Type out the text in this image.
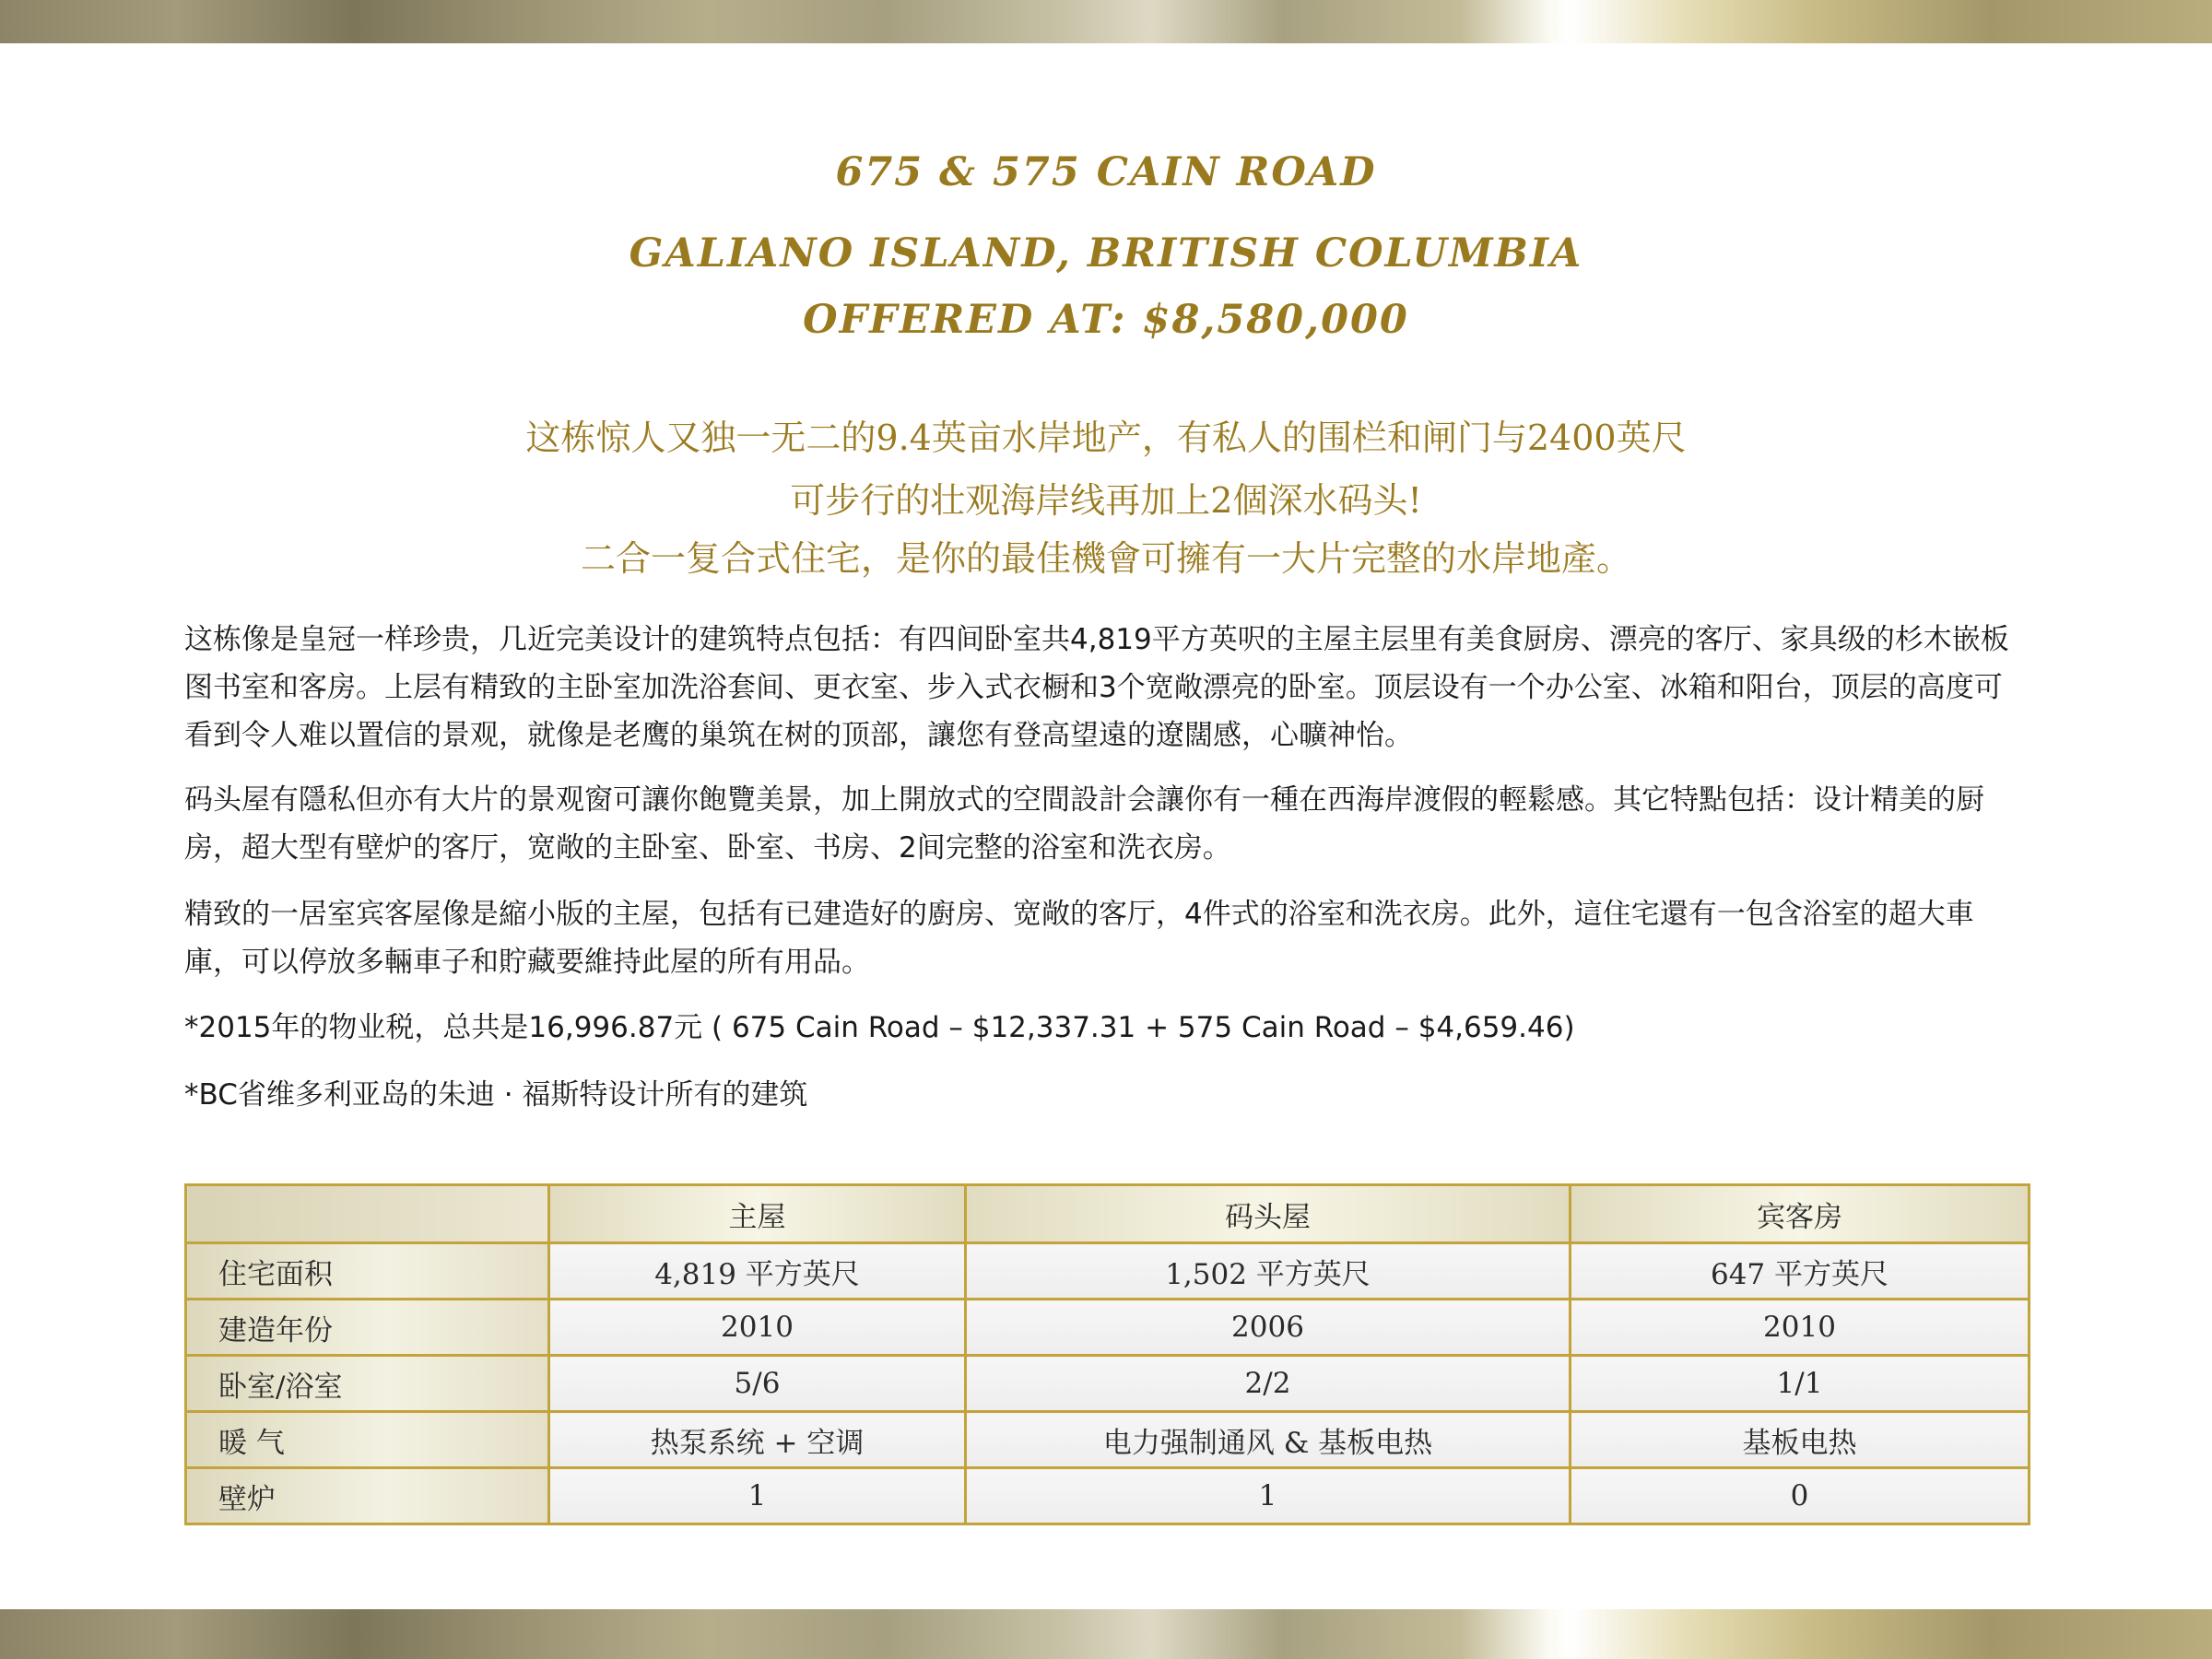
675 & 575 CAIN ROAD
GALIANO ISLAND, BRITISH COLUMBIA
OFFERED AT: $8,580,000
这栋惊人又独一无二的9.4英亩水岸地产，有私人的围栏和闸门与2400英尺
可步行的壮观海岸线再加上2個深水码头!
二合一复合式住宅，是你的最佳機會可擁有一大片完整的水岸地產。

这栋像是皇冠一样珍贵，几近完美设计的建筑特点包括：有四间卧室共4,819平方英呎的主屋主层里有美食厨房、漂亮的客厅、家具级的杉木嵌板图书室和客房。上层有精致的主卧室加洗浴套间、更衣室、步入式衣橱和3个宽敞漂亮的卧室。顶层设有一个办公室、冰箱和阳台，顶层的高度可看到令人难以置信的景观，就像是老鹰的巢筑在树的顶部，讓您有登高望遠的遼闊感，心曠神怡。

码头屋有隱私但亦有大片的景观窗可讓你飽覽美景，加上開放式的空間設計会讓你有一種在西海岸渡假的輕鬆感。其它特點包括：设计精美的厨房，超大型有壁炉的客厅，宽敞的主卧室、卧室、书房、2间完整的浴室和洗衣房。

精致的一居室宾客屋像是縮小版的主屋，包括有已建造好的廚房、宽敞的客厅，4件式的浴室和洗衣房。此外，這住宅還有一包含浴室的超大車庫，可以停放多輛車子和貯藏要維持此屋的所有用品。

*2015年的物业税，总共是16,996.87元 ( 675 Cain Road – $12,337.31 + 575 Cain Road – $4,659.46)

*BC省维多利亚岛的朱迪 · 福斯特设计所有的建筑

	主屋	码头屋	宾客房
住宅面积	4,819 平方英尺	1,502 平方英尺	647 平方英尺
建造年份	2010	2006	2010
卧室/浴室	5/6	2/2	1/1
暖 气	热泵系统 + 空调	电力强制通风 & 基板电热	基板电热
壁炉	1	1	0
